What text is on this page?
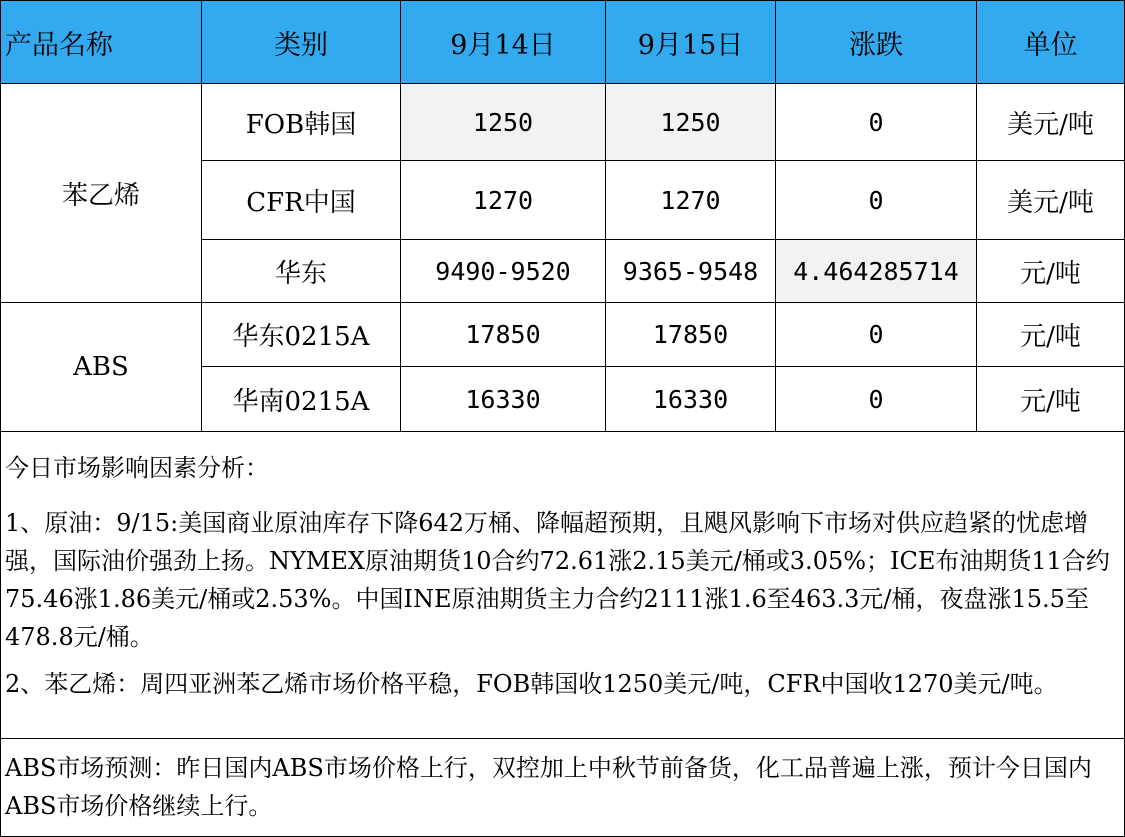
产品名称	类别	9月14日	9月15日	涨跌	单位
苯乙烯	FOB韩国	1250	1250	0	美元/吨
	CFR中国	1270	1270	0	美元/吨
	华东	9490-9520	9365-9548	4.464285714	元/吨
ABS	华东0215A	17850	17850	0	元/吨
	华南0215A	16330	16330	0	元/吨

今日市场影响因素分析：

1、原油：9/15:美国商业原油库存下降642万桶、降幅超预期，且飓风影响下市场对供应趋紧的忧虑增强，国际油价强劲上扬。NYMEX原油期货10合约72.61涨2.15美元/桶或3.05%；ICE布油期货11合约75.46涨1.86美元/桶或2.53%。中国INE原油期货主力合约2111涨1.6至463.3元/桶，夜盘涨15.5至478.8元/桶。

2、苯乙烯：周四亚洲苯乙烯市场价格平稳，FOB韩国收1250美元/吨，CFR中国收1270美元/吨。

ABS市场预测：昨日国内ABS市场价格上行，双控加上中秋节前备货，化工品普遍上涨，预计今日国内ABS市场价格继续上行。
